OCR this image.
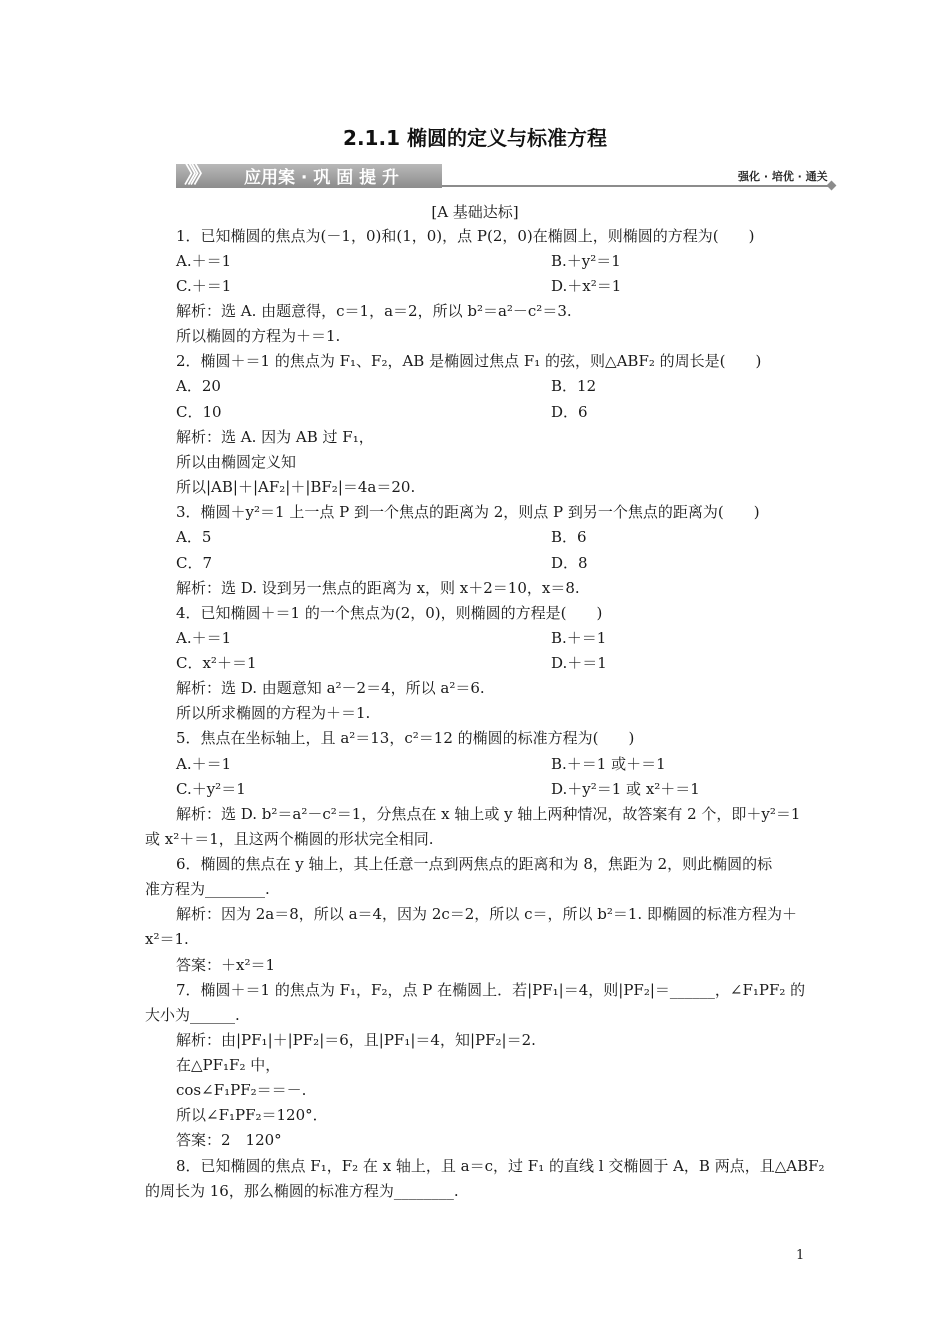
2.1.1 椭圆的定义与标准方程
》》 应用案 · 巩 固 提 升	强化 · 培优 · 通关
[A 基础达标]
1．已知椭圆的焦点为(－1，0)和(1，0)，点 P(2，0)在椭圆上，则椭圆的方程为(　　)
A.＋＝1	B.＋y²＝1
C.＋＝1	D.＋x²＝1
解析：选 A. 由题意得，c＝1，a＝2，所以 b²＝a²－c²＝3.
所以椭圆的方程为＋＝1.
2．椭圆＋＝1 的焦点为 F₁、F₂，AB 是椭圆过焦点 F₁ 的弦，则△ABF₂ 的周长是(　　)
A．20	B．12
C．10	D．6
解析：选 A. 因为 AB 过 F₁，
所以由椭圆定义知
所以|AB|＋|AF₂|＋|BF₂|＝4a＝20.
3．椭圆＋y²＝1 上一点 P 到一个焦点的距离为 2，则点 P 到另一个焦点的距离为(　　)
A．5	B．6
C．7	D．8
解析：选 D. 设到另一焦点的距离为 x，则 x＋2＝10，x＝8.
4．已知椭圆＋＝1 的一个焦点为(2，0)，则椭圆的方程是(　　)
A.＋＝1	B.＋＝1
C．x²＋＝1	D.＋＝1
解析：选 D. 由题意知 a²－2＝4，所以 a²＝6.
所以所求椭圆的方程为＋＝1.
5．焦点在坐标轴上，且 a²＝13，c²＝12 的椭圆的标准方程为(　　)
A.＋＝1	B.＋＝1 或＋＝1
C.＋y²＝1	D.＋y²＝1 或 x²＋＝1
解析：选 D. b²＝a²－c²＝1，分焦点在 x 轴上或 y 轴上两种情况，故答案有 2 个，即＋y²＝1
或 x²＋＝1，且这两个椭圆的形状完全相同.
6．椭圆的焦点在 y 轴上，其上任意一点到两焦点的距离和为 8，焦距为 2，则此椭圆的标
准方程为________.
解析：因为 2a＝8，所以 a＝4，因为 2c＝2，所以 c＝，所以 b²＝1. 即椭圆的标准方程为＋
x²＝1.
答案：＋x²＝1
7．椭圆＋＝1 的焦点为 F₁，F₂，点 P 在椭圆上．若|PF₁|＝4，则|PF₂|＝______，∠F₁PF₂ 的
大小为______.
解析：由|PF₁|＋|PF₂|＝6，且|PF₁|＝4，知|PF₂|＝2.
在△PF₁F₂ 中，
cos∠F₁PF₂＝＝－.
所以∠F₁PF₂＝120°．
答案：2　120°
8．已知椭圆的焦点 F₁，F₂ 在 x 轴上，且 a＝c，过 F₁ 的直线 l 交椭圆于 A，B 两点，且△ABF₂
的周长为 16，那么椭圆的标准方程为________.
1
